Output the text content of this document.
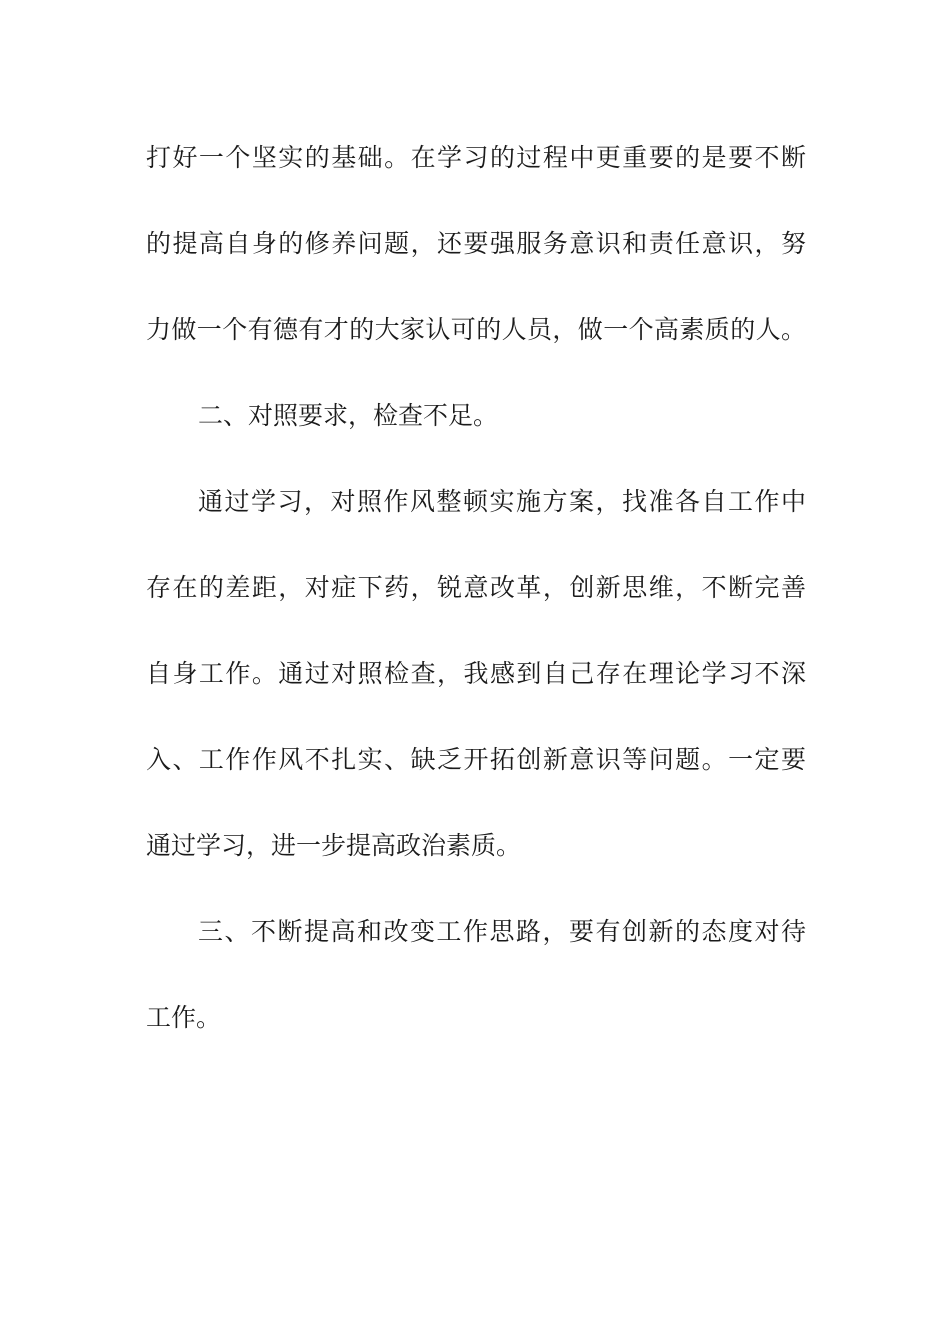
打好一个坚实的基础。在学习的过程中更重要的是要不断
的提高自身的修养问题，还要强服务意识和责任意识，努
力做一个有德有才的大家认可的人员，做一个高素质的人。
二、对照要求，检查不足。
通过学习，对照作风整顿实施方案，找准各自工作中
存在的差距，对症下药，锐意改革，创新思维，不断完善
自身工作。通过对照检查，我感到自己存在理论学习不深
入、工作作风不扎实、缺乏开拓创新意识等问题。一定要
通过学习，进一步提高政治素质。
三、不断提高和改变工作思路，要有创新的态度对待
工作。
